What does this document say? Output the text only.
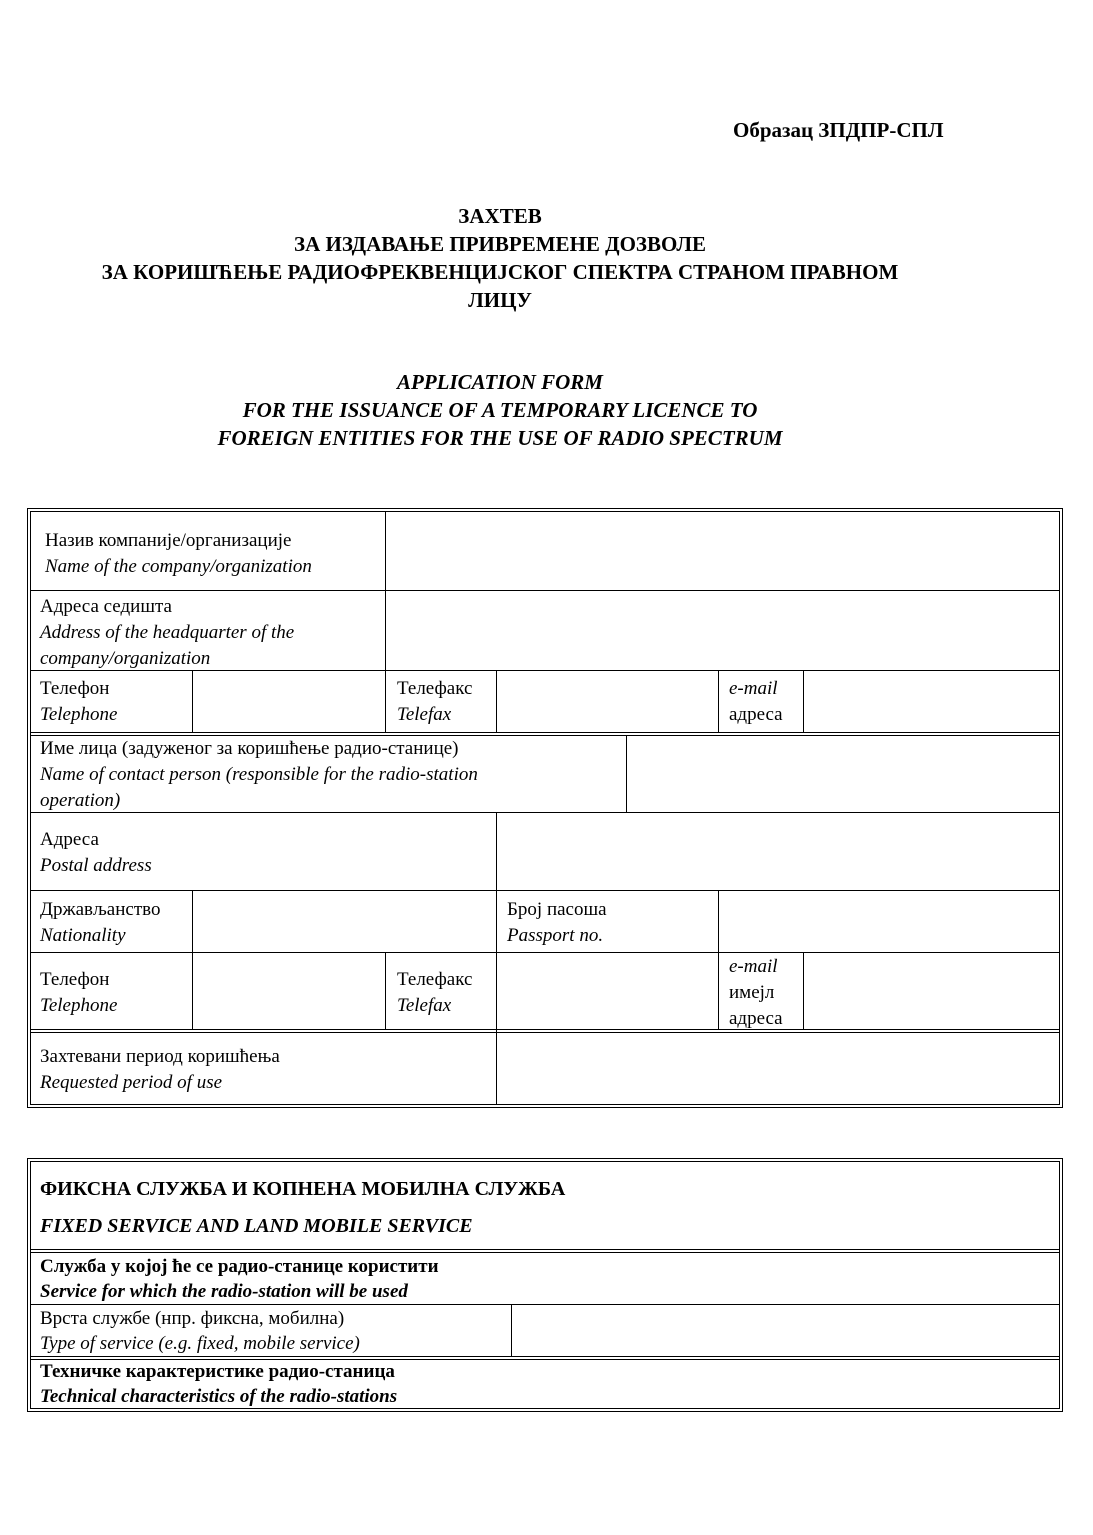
Образац ЗПДПР-СПЛ
ЗАХТЕВ
ЗА ИЗДАВАЊЕ ПРИВРЕМЕНЕ ДОЗВОЛЕ
ЗА КОРИШЋЕЊЕ РАДИОФРЕКВЕНЦИЈСКОГ СПЕКТРА СТРАНОМ ПРАВНОМ
ЛИЦУ
APPLICATION FORM
FOR THE ISSUANCE OF A TEMPORARY LICENCE TO
FOREIGN ENTITIES FOR THE USE OF RADIO SPECTRUM
Назив компаније/организације
Name of the company/organization
Адреса седишта
Address of the headquarter of the
company/organization
Телефон
Telephone
Телефакс
Telefax
e-mail
адреса
Име лица (задуженог за коришћење радио-станице)
Name of contact person (responsible for the radio-station
operation)
Адреса
Postal address
Држављанство
Nationality
Број пасоша
Passport no.
Телефон
Telephone
Телефакс
Telefax
e-mail
имејл
адреса
Захтевани период коришћења
Requested period of use
ФИКСНА СЛУЖБА И КОПНЕНА МОБИЛНА СЛУЖБА
FIXED SERVICE AND LAND MOBILE SERVICE
Служба у којој ће се радио-станице користити
Service for which the radio-station will be used
Врста службе (нпр. фиксна, мобилна)
Type of service (e.g. fixed, mobile service)
Техничке карактеристике радио-станица
Technical characteristics of the radio-stations
